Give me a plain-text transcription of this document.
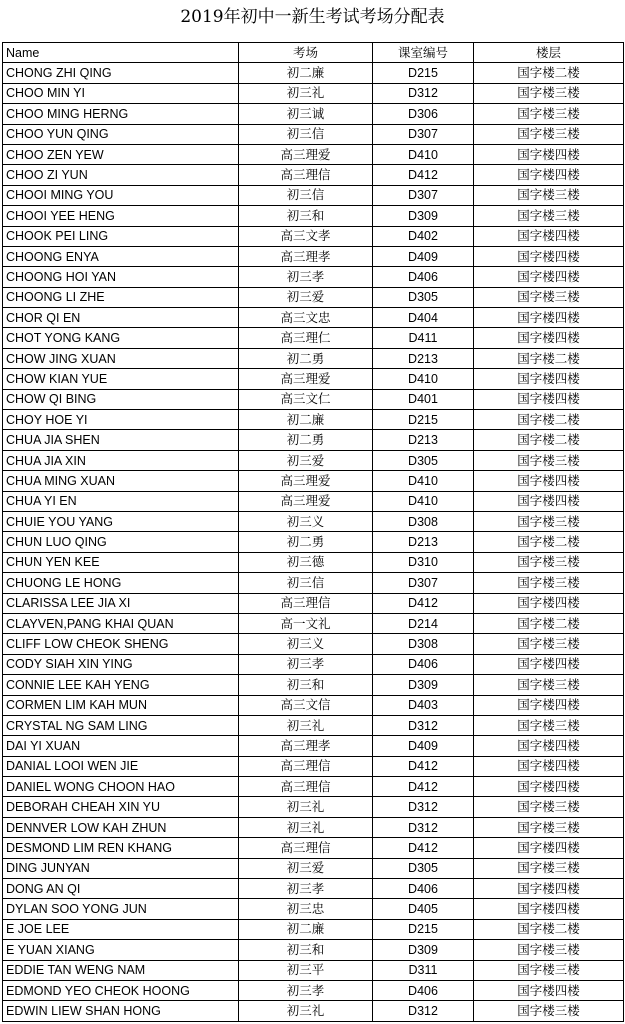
2019年初中一新生考试考场分配表
Name	考场	课室编号	楼层
CHONG ZHI QING	初二廉	D215	国字楼二楼
CHOO MIN YI	初三礼	D312	国字楼三楼
CHOO MING HERNG	初三诚	D306	国字楼三楼
CHOO YUN QING	初三信	D307	国字楼三楼
CHOO ZEN YEW	高三理爱	D410	国字楼四楼
CHOO ZI YUN	高三理信	D412	国字楼四楼
CHOOI MING YOU	初三信	D307	国字楼三楼
CHOOI YEE HENG	初三和	D309	国字楼三楼
CHOOK PEI LING	高三文孝	D402	国字楼四楼
CHOONG ENYA	高三理孝	D409	国字楼四楼
CHOONG HOI YAN	初三孝	D406	国字楼四楼
CHOONG LI ZHE	初三爱	D305	国字楼三楼
CHOR QI EN	高三文忠	D404	国字楼四楼
CHOT YONG KANG	高三理仁	D411	国字楼四楼
CHOW JING XUAN	初二勇	D213	国字楼二楼
CHOW KIAN YUE	高三理爱	D410	国字楼四楼
CHOW QI BING	高三文仁	D401	国字楼四楼
CHOY HOE YI	初二廉	D215	国字楼二楼
CHUA JIA SHEN	初二勇	D213	国字楼二楼
CHUA JIA XIN	初三爱	D305	国字楼三楼
CHUA MING XUAN	高三理爱	D410	国字楼四楼
CHUA YI EN	高三理爱	D410	国字楼四楼
CHUIE YOU YANG	初三义	D308	国字楼三楼
CHUN LUO QING	初二勇	D213	国字楼二楼
CHUN YEN KEE	初三德	D310	国字楼三楼
CHUONG LE HONG	初三信	D307	国字楼三楼
CLARISSA LEE JIA XI	高三理信	D412	国字楼四楼
CLAYVEN,PANG KHAI QUAN	高一文礼	D214	国字楼二楼
CLIFF LOW CHEOK SHENG	初三义	D308	国字楼三楼
CODY SIAH XIN YING	初三孝	D406	国字楼四楼
CONNIE LEE KAH YENG	初三和	D309	国字楼三楼
CORMEN LIM KAH MUN	高三文信	D403	国字楼四楼
CRYSTAL NG SAM LING	初三礼	D312	国字楼三楼
DAI YI XUAN	高三理孝	D409	国字楼四楼
DANIAL LOOI WEN JIE	高三理信	D412	国字楼四楼
DANIEL WONG CHOON HAO	高三理信	D412	国字楼四楼
DEBORAH CHEAH XIN YU	初三礼	D312	国字楼三楼
DENNVER LOW KAH ZHUN	初三礼	D312	国字楼三楼
DESMOND LIM REN KHANG	高三理信	D412	国字楼四楼
DING JUNYAN	初三爱	D305	国字楼三楼
DONG AN QI	初三孝	D406	国字楼四楼
DYLAN SOO YONG JUN	初三忠	D405	国字楼四楼
E JOE LEE	初二廉	D215	国字楼二楼
E YUAN XIANG	初三和	D309	国字楼三楼
EDDIE TAN WENG NAM	初三平	D311	国字楼三楼
EDMOND YEO CHEOK HOONG	初三孝	D406	国字楼四楼
EDWIN LIEW SHAN HONG	初三礼	D312	国字楼三楼
